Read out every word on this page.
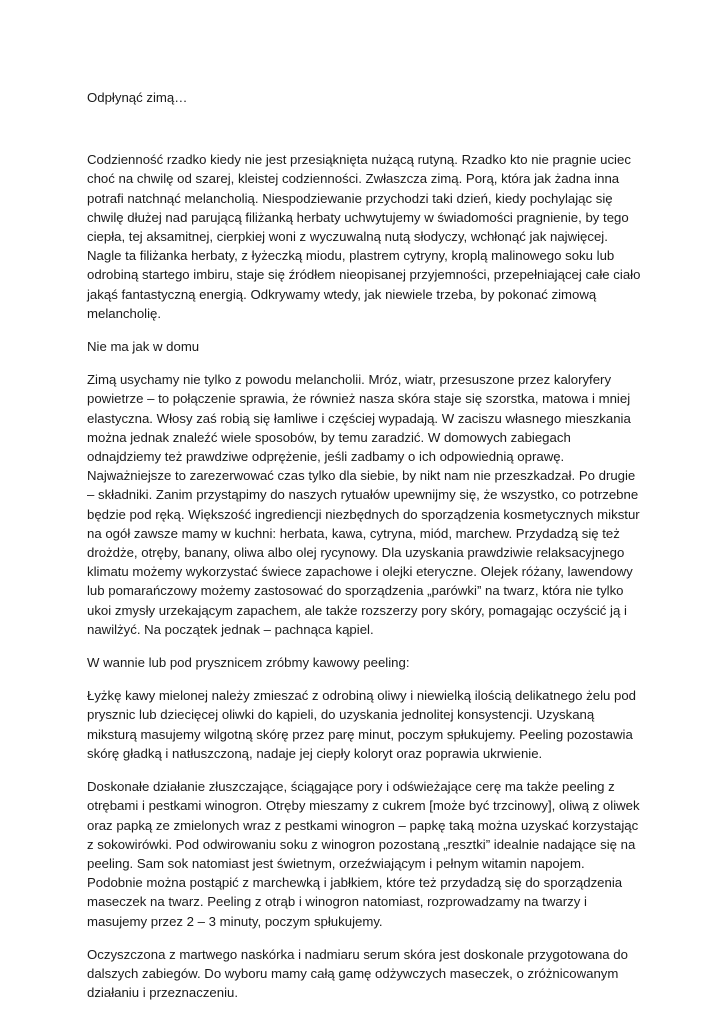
Odpłynąć zimą…

Codzienność rzadko kiedy nie jest przesiąknięta nużącą rutyną. Rzadko kto nie pragnie uciec choć na chwilę od szarej, kleistej codzienności. Zwłaszcza zimą. Porą, która jak żadna inna potrafi natchnąć melancholią. Niespodziewanie przychodzi taki dzień, kiedy pochylając się chwilę dłużej nad parującą filiżanką herbaty uchwytujemy w świadomości pragnienie, by tego ciepła, tej aksamitnej, cierpkiej woni z wyczuwalną nutą słodyczy, wchłonąć jak najwięcej. Nagle ta filiżanka herbaty, z łyżeczką miodu, plastrem cytryny, kroplą malinowego soku lub odrobiną startego imbiru, staje się źródłem nieopisanej przyjemności, przepełniającej całe ciało jakąś fantastyczną energią. Odkrywamy wtedy, jak niewiele trzeba, by pokonać zimową melancholię.

Nie ma jak w domu

Zimą usychamy nie tylko z powodu melancholii. Mróz, wiatr, przesuszone przez kaloryfery powietrze – to połączenie sprawia, że również nasza skóra staje się szorstka, matowa i mniej elastyczna. Włosy zaś robią się łamliwe i częściej wypadają. W zaciszu własnego mieszkania można jednak znaleźć wiele sposobów, by temu zaradzić. W domowych zabiegach odnajdziemy też prawdziwe odprężenie, jeśli zadbamy o ich odpowiednią oprawę. Najważniejsze to zarezerwować czas tylko dla siebie, by nikt nam nie przeszkadzał. Po drugie – składniki. Zanim przystąpimy do naszych rytuałów upewnijmy się, że wszystko, co potrzebne będzie pod ręką. Większość ingrediencji niezbędnych do sporządzenia kosmetycznych mikstur na ogół zawsze mamy w kuchni: herbata, kawa, cytryna, miód, marchew. Przydadzą się też drożdże, otręby, banany, oliwa albo olej rycynowy. Dla uzyskania prawdziwie relaksacyjnego klimatu możemy wykorzystać świece zapachowe i olejki eteryczne. Olejek różany, lawendowy lub pomarańczowy możemy zastosować do sporządzenia „parówki” na twarz, która nie tylko ukoi zmysły urzekającym zapachem, ale także rozszerzy pory skóry, pomagając oczyścić ją i nawilżyć. Na początek jednak – pachnąca kąpiel.

W wannie lub pod prysznicem zróbmy kawowy peeling:

Łyżkę kawy mielonej należy zmieszać z odrobiną oliwy i niewielką ilością delikatnego żelu pod prysznic lub dziecięcej oliwki do kąpieli, do uzyskania jednolitej konsystencji. Uzyskaną miksturą masujemy wilgotną skórę przez parę minut, poczym spłukujemy. Peeling pozostawia skórę gładką i natłuszczoną, nadaje jej ciepły koloryt oraz poprawia ukrwienie.

Doskonałe działanie złuszczające, ściągające pory i odświeżające cerę ma także peeling z otrębami i pestkami winogron. Otręby mieszamy z cukrem [może być trzcinowy], oliwą z oliwek oraz papką ze zmielonych wraz z pestkami winogron – papkę taką można uzyskać korzystając z sokowirówki. Pod odwirowaniu soku z winogron pozostaną „resztki” idealnie nadające się na peeling. Sam sok natomiast jest świetnym, orzeźwiającym i pełnym witamin napojem. Podobnie można postąpić z marchewką i jabłkiem, które też przydadzą się do sporządzenia maseczek na twarz. Peeling z otrąb i winogron natomiast, rozprowadzamy na twarzy i masujemy przez 2 – 3 minuty, poczym spłukujemy.

Oczyszczona z martwego naskórka i nadmiaru serum skóra jest doskonale przygotowana do dalszych zabiegów. Do wyboru mamy całą gamę odżywczych maseczek, o zróżnicowanym działaniu i przeznaczeniu.
